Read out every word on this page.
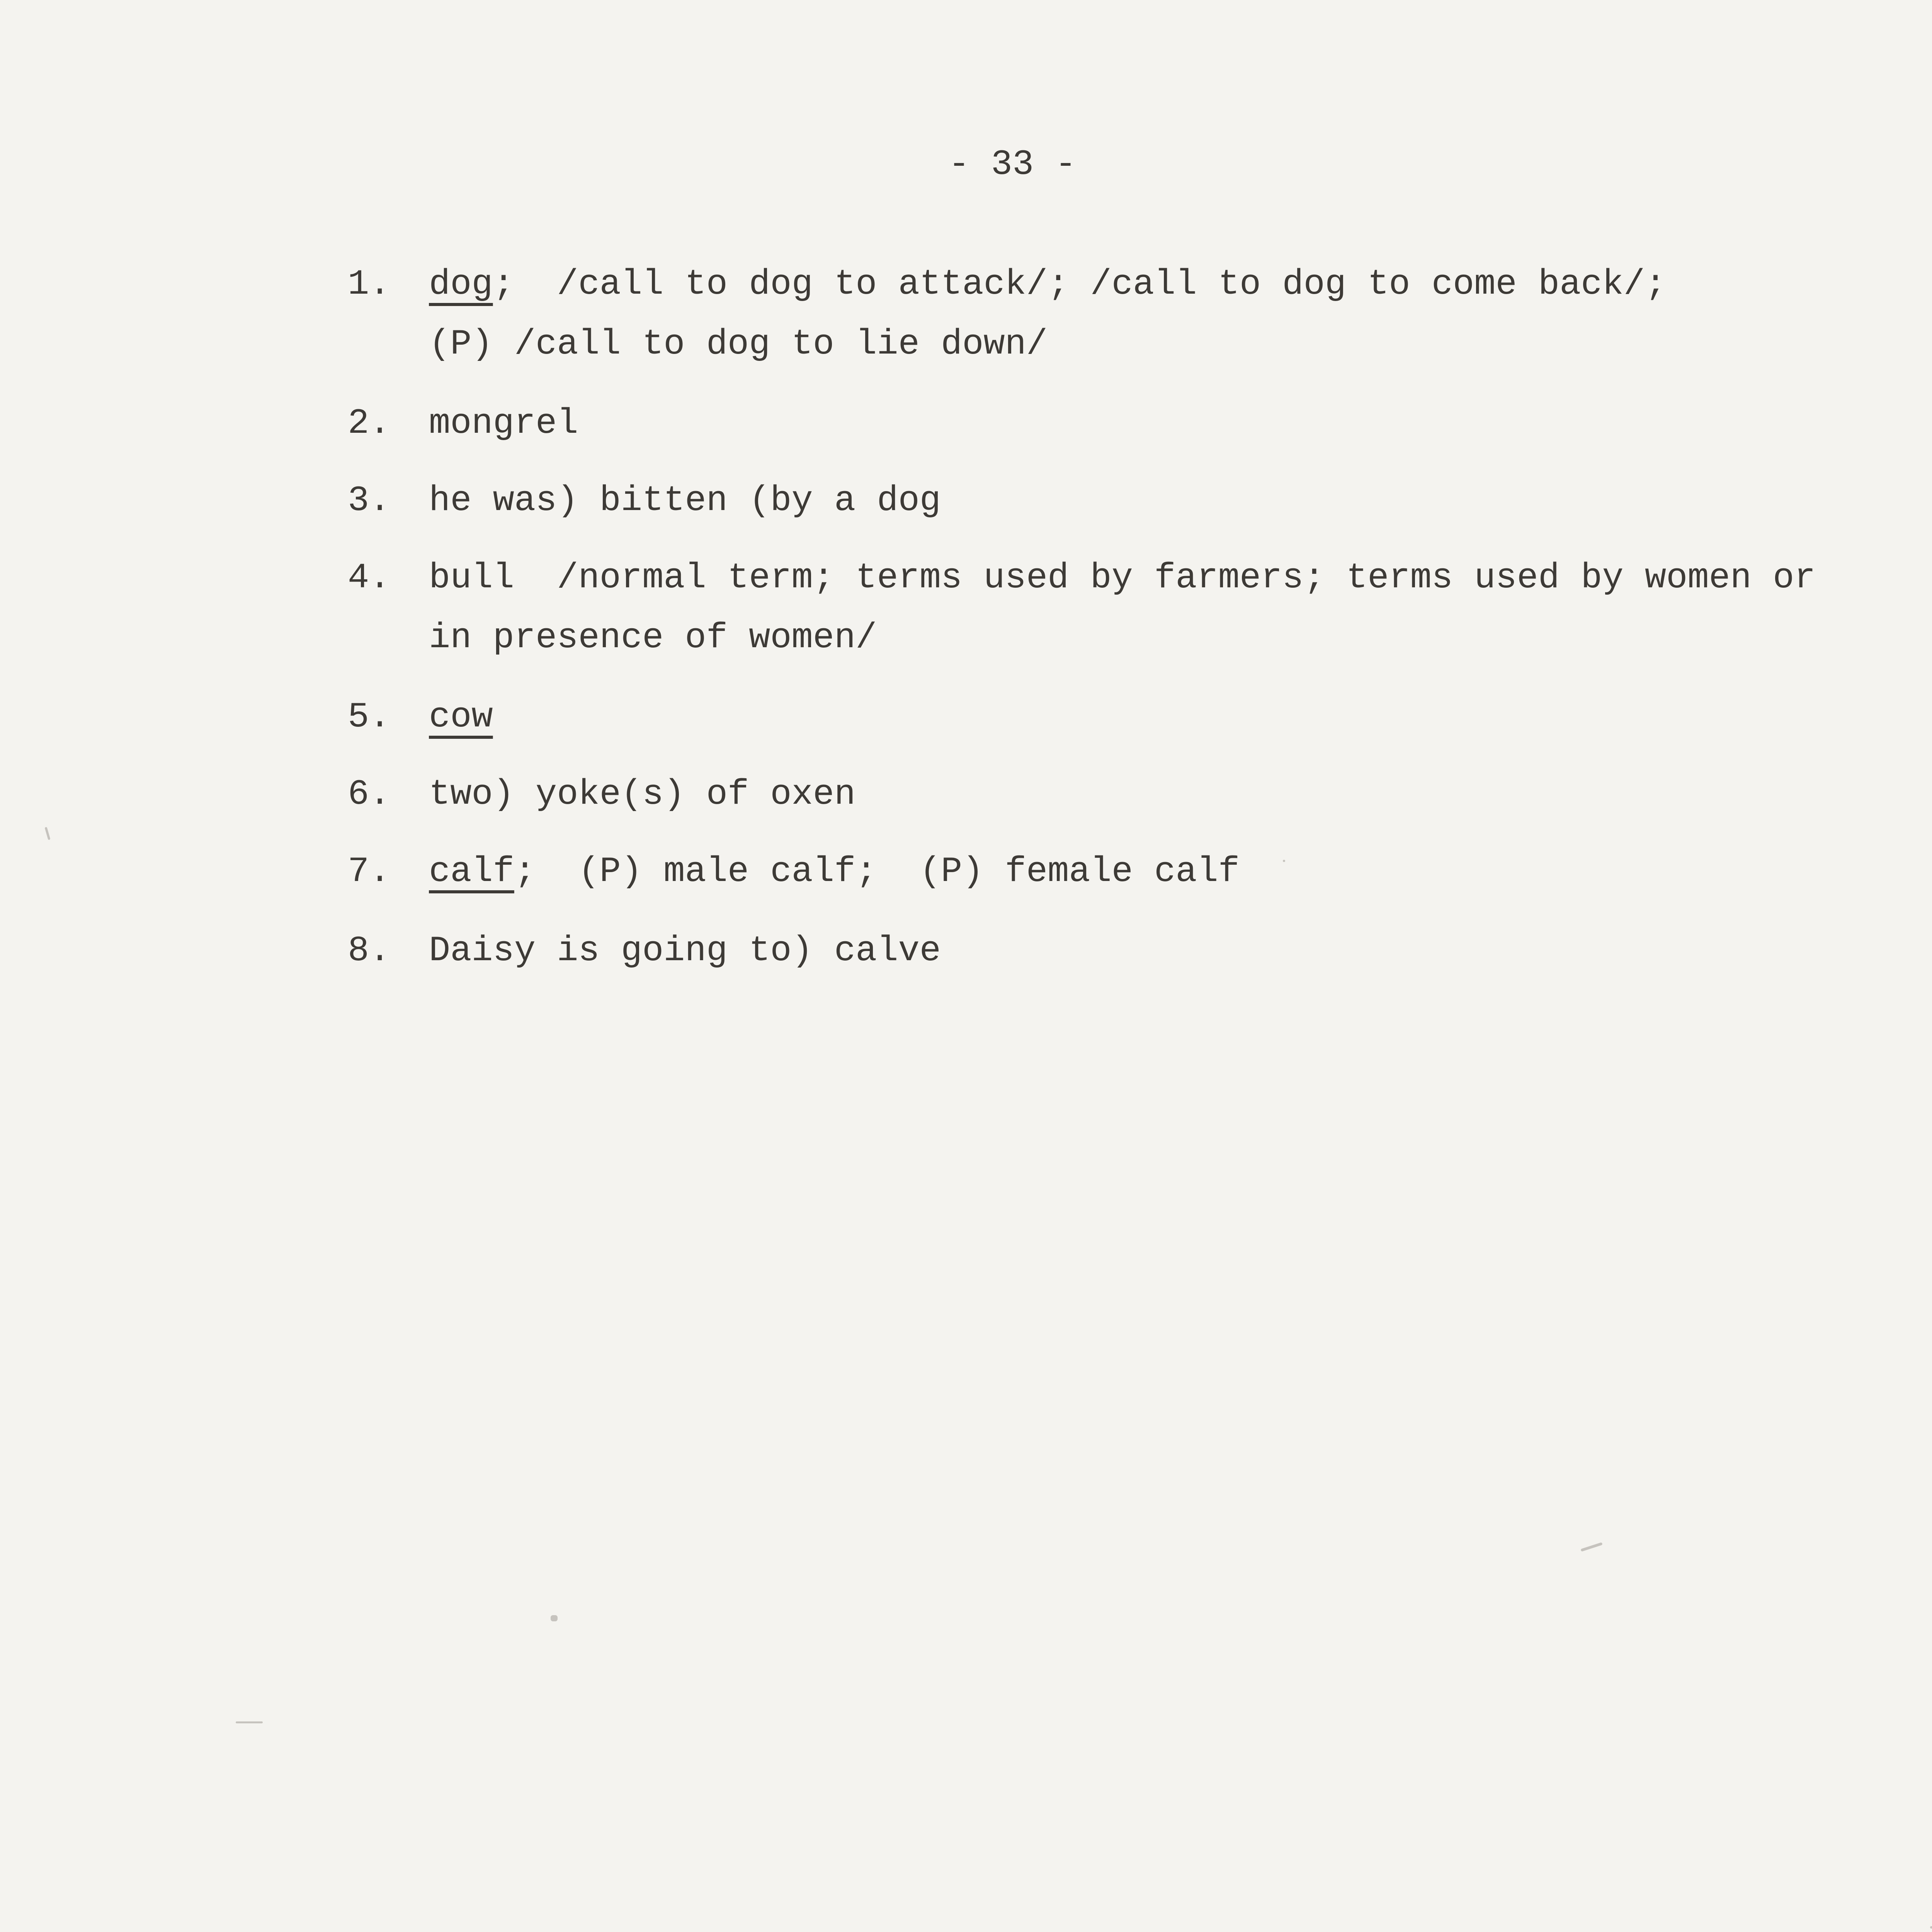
- 33 -
1. dog;  /call to dog to attack/; /call to dog to come back/;
(P) /call to dog to lie down/
2. mongrel
3. he was) bitten (by a dog
4. bull  /normal term; terms used by farmers; terms used by women or
in presence of women/
5. cow
6. two) yoke(s) of oxen
7. calf;  (P) male calf;  (P) female calf
8. Daisy is going to) calve
